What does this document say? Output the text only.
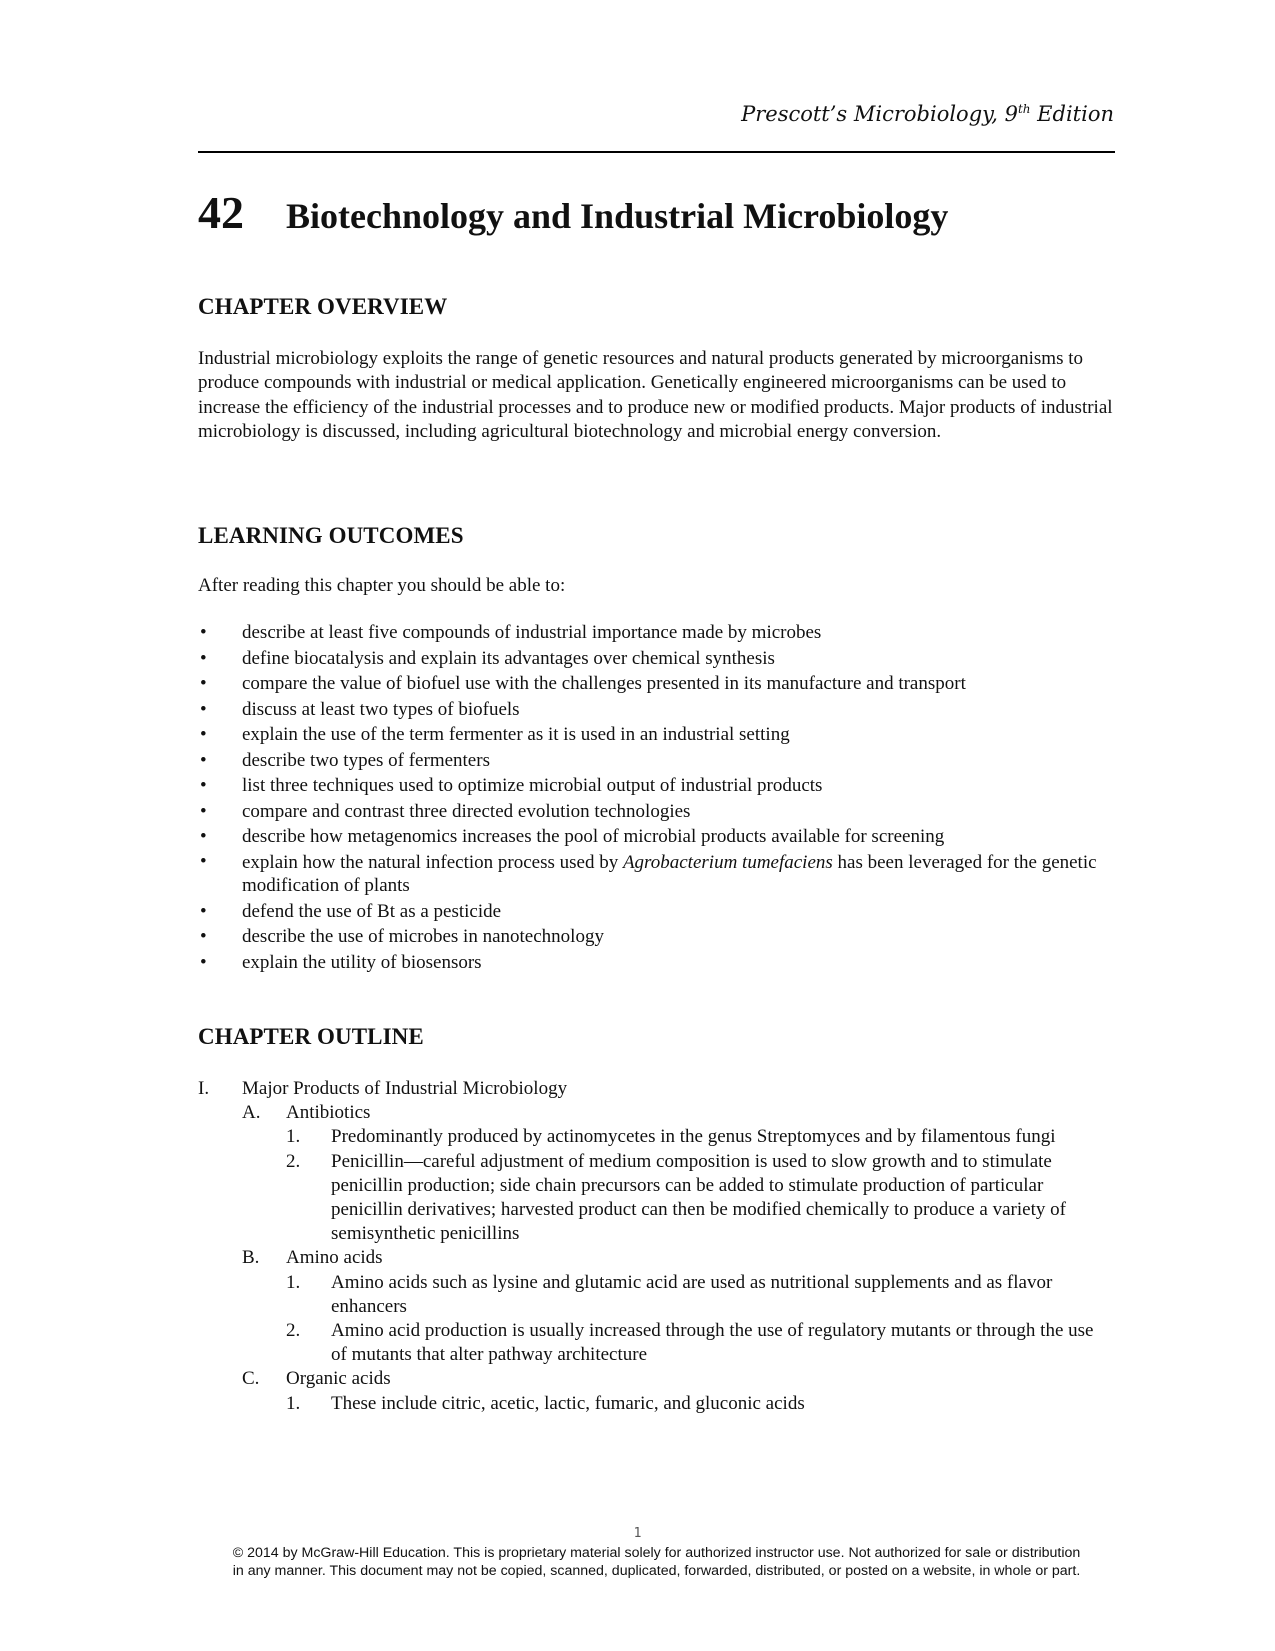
Prescott’s Microbiology, 9th Edition
42 Biotechnology and Industrial Microbiology
CHAPTER OVERVIEW

Industrial microbiology exploits the range of genetic resources and natural products generated by microorganisms to produce compounds with industrial or medical application. Genetically engineered microorganisms can be used to increase the efficiency of the industrial processes and to produce new or modified products. Major products of industrial microbiology is discussed, including agricultural biotechnology and microbial energy conversion.

LEARNING OUTCOMES

After reading this chapter you should be able to:

• describe at least five compounds of industrial importance made by microbes
• define biocatalysis and explain its advantages over chemical synthesis
• compare the value of biofuel use with the challenges presented in its manufacture and transport
• discuss at least two types of biofuels
• explain the use of the term fermenter as it is used in an industrial setting
• describe two types of fermenters
• list three techniques used to optimize microbial output of industrial products
• compare and contrast three directed evolution technologies
• describe how metagenomics increases the pool of microbial products available for screening
• explain how the natural infection process used by Agrobacterium tumefaciens has been leveraged for the genetic modification of plants
• defend the use of Bt as a pesticide
• describe the use of microbes in nanotechnology
• explain the utility of biosensors
CHAPTER OUTLINE
I. Major Products of Industrial Microbiology
A. Antibiotics
1. Predominantly produced by actinomycetes in the genus Streptomyces and by filamentous fungi
2. Penicillin—careful adjustment of medium composition is used to slow growth and to stimulate penicillin production; side chain precursors can be added to stimulate production of particular penicillin derivatives; harvested product can then be modified chemically to produce a variety of semisynthetic penicillins
B. Amino acids
1. Amino acids such as lysine and glutamic acid are used as nutritional supplements and as flavor enhancers
2. Amino acid production is usually increased through the use of regulatory mutants or through the use of mutants that alter pathway architecture
C. Organic acids
1. These include citric, acetic, lactic, fumaric, and gluconic acids
1
© 2014 by McGraw-Hill Education. This is proprietary material solely for authorized instructor use. Not authorized for sale or distribution
in any manner. This document may not be copied, scanned, duplicated, forwarded, distributed, or posted on a website, in whole or part.
